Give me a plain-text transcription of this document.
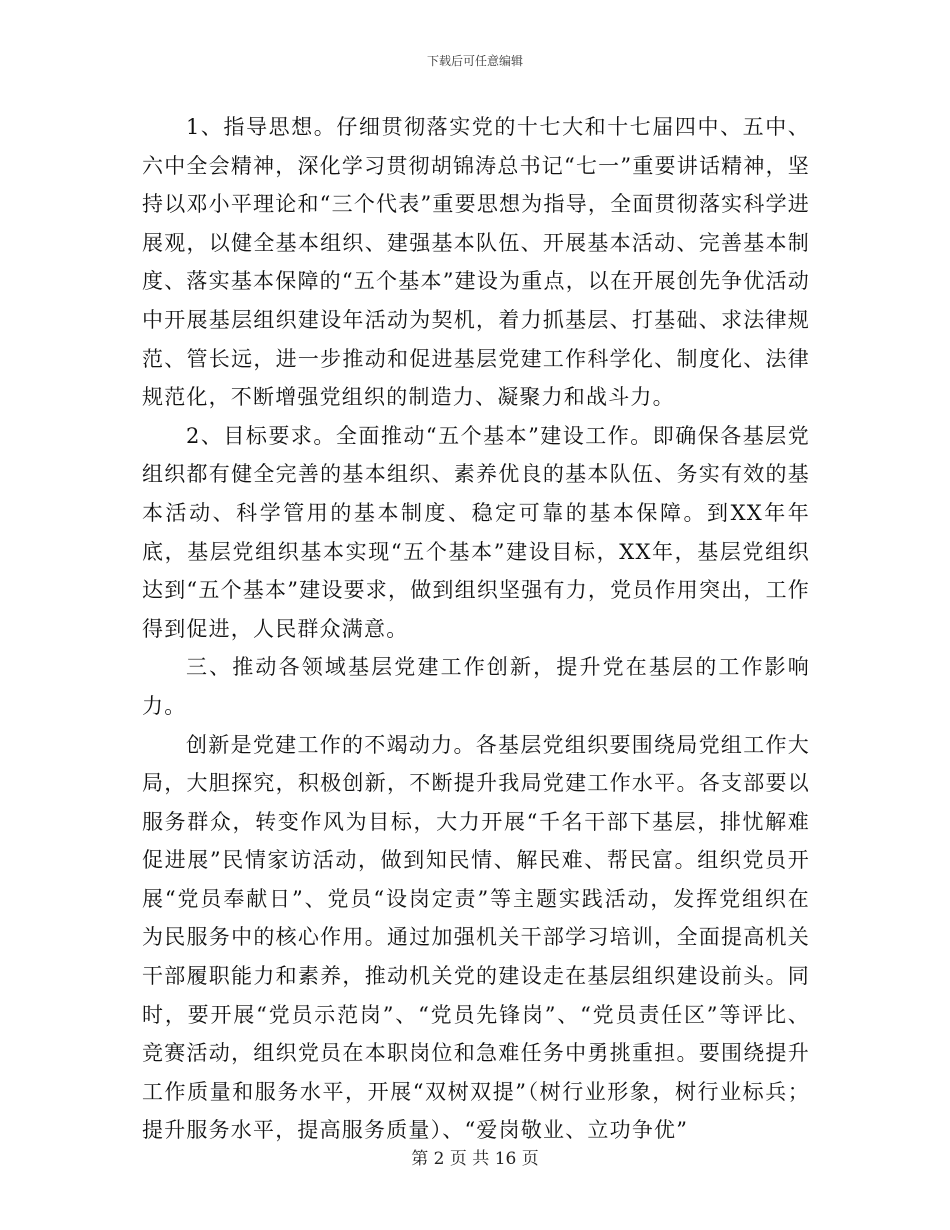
下载后可任意编辑

1、指导思想。仔细贯彻落实党的十七大和十七届四中、五中、六中全会精神，深化学习贯彻胡锦涛总书记“七一”重要讲话精神，坚持以邓小平理论和“三个代表”重要思想为指导，全面贯彻落实科学进展观，以健全基本组织、建强基本队伍、开展基本活动、完善基本制度、落实基本保障的“五个基本”建设为重点，以在开展创先争优活动中开展基层组织建设年活动为契机，着力抓基层、打基础、求法律规范、管长远，进一步推动和促进基层党建工作科学化、制度化、法律规范化，不断增强党组织的制造力、凝聚力和战斗力。

2、目标要求。全面推动“五个基本”建设工作。即确保各基层党组织都有健全完善的基本组织、素养优良的基本队伍、务实有效的基本活动、科学管用的基本制度、稳定可靠的基本保障。到XX年年底，基层党组织基本实现“五个基本”建设目标，XX年，基层党组织达到“五个基本”建设要求，做到组织坚强有力，党员作用突出，工作得到促进，人民群众满意。

三、推动各领域基层党建工作创新，提升党在基层的工作影响力。

创新是党建工作的不竭动力。各基层党组织要围绕局党组工作大局，大胆探究，积极创新，不断提升我局党建工作水平。各支部要以服务群众，转变作风为目标，大力开展“千名干部下基层，排忧解难促进展”民情家访活动，做到知民情、解民难、帮民富。组织党员开展“党员奉献日”、党员“设岗定责”等主题实践活动，发挥党组织在为民服务中的核心作用。通过加强机关干部学习培训，全面提高机关干部履职能力和素养，推动机关党的建设走在基层组织建设前头。同时，要开展“党员示范岗”、“党员先锋岗”、“党员责任区”等评比、竞赛活动，组织党员在本职岗位和急难任务中勇挑重担。要围绕提升工作质量和服务水平，开展“双树双提”（树行业形象，树行业标兵；提升服务水平，提高服务质量）、“爱岗敬业、立功争优”

第 2 页 共 16 页
